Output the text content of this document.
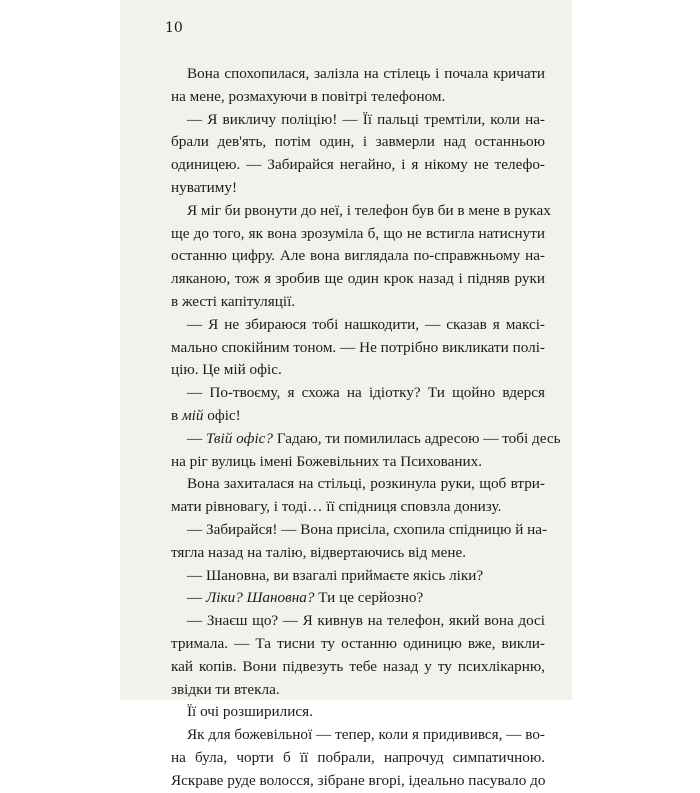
10
Вона спохопилася, залізла на стілець і почала кричати
на мене, розмахуючи в повітрі телефоном.
— Я викличу поліцію! — Її пальці тремтіли, коли на-
брали дев'ять, потім один, і завмерли над останньою
одиницею. — Забирайся негайно, і я нікому не телефо-
нуватиму!
Я міг би рвонути до неї, і телефон був би в мене в руках
ще до того, як вона зрозуміла б, що не встигла натиснути
останню цифру. Але вона виглядала по-справжньому на-
ляканою, тож я зробив ще один крок назад і підняв руки
в жесті капітуляції.
— Я не збираюся тобі нашкодити, — сказав я максі-
мально спокійним тоном. — Не потрібно викликати полі-
цію. Це мій офіс.
— По-твоєму, я схожа на ідіотку? Ти щойно вдерся
в мій офіс!
— Твій офіс? Гадаю, ти помилилась адресою — тобі десь
на ріг вулиць імені Божевільних та Психованих.
Вона захиталася на стільці, розкинула руки, щоб втри-
мати рівновагу, і тоді… її спідниця сповзла донизу.
— Забирайся! — Вона присіла, схопила спідницю й на-
тягла назад на талію, відвертаючись від мене.
— Шановна, ви взагалі приймаєте якісь ліки?
— Ліки? Шановна? Ти це серйозно?
— Знаєш що? — Я кивнув на телефон, який вона досі
тримала. — Та тисни ту останню одиницю вже, викли-
кай копів. Вони підвезуть тебе назад у ту психлікарню,
звідки ти втекла.
Її очі розширилися.
Як для божевільної — тепер, коли я придивився, — во-
на була, чорти б її побрали, напрочуд симпатичною.
Яскраве руде волосся, зібране вгорі, ідеально пасувало до
